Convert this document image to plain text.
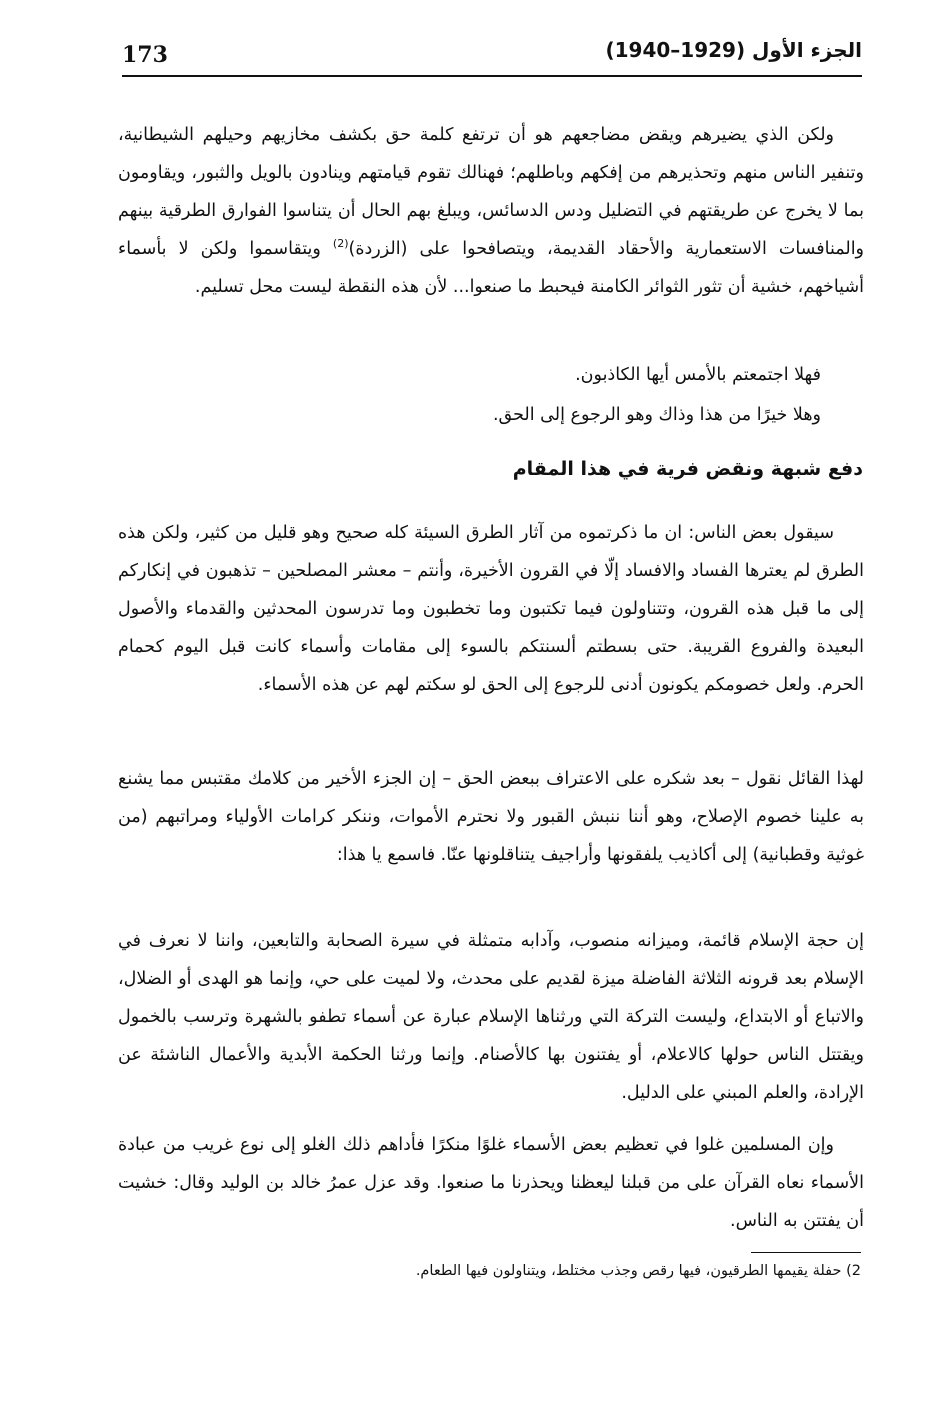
173	الجزء الأول (1929–1940)

ولكن الذي يضيرهم ويقض مضاجعهم هو أن ترتفع كلمة حق بكشف مخازيهم وحيلهم الشيطانية، وتنفير الناس منهم وتحذيرهم من إفكهم وباطلهم؛ فهنالك تقوم قيامتهم وينادون بالويل والثبور، ويقاومون بما لا يخرج عن طريقتهم في التضليل ودس الدسائس، ويبلغ بهم الحال أن يتناسوا الفوارق الطرقية بينهم والمنافسات الاستعمارية والأحقاد القديمة، ويتصافحوا على (الزردة)$^{(2)}$ ويتقاسموا ولكن لا بأسماء أشياخهم، خشية أن تثور الثوائر الكامنة فيحبط ما صنعوا... لأن هذه النقطة ليست محل تسليم.

فهلا اجتمعتم بالأمس أيها الكاذبون.

وهلا خيرًا من هذا وذاك وهو الرجوع إلى الحق.

دفع شبهة ونقض فرية في هذا المقام

سيقول بعض الناس: ان ما ذكرتموه من آثار الطرق السيئة كله صحيح وهو قليل من كثير، ولكن هذه الطرق لم يعترها الفساد والافساد إلّا في القرون الأخيرة، وأنتم – معشر المصلحين – تذهبون في إنكاركم إلى ما قبل هذه القرون، وتتناولون فيما تكتبون وما تخطبون وما تدرسون المحدثين والقدماء والأصول البعيدة والفروع القريبة. حتى بسطتم ألسنتكم بالسوء إلى مقامات وأسماء كانت قبل اليوم كحمام الحرم. ولعل خصومكم يكونون أدنى للرجوع إلى الحق لو سكتم لهم عن هذه الأسماء.

لهذا القائل نقول – بعد شكره على الاعتراف ببعض الحق – إن الجزء الأخير من كلامك مقتبس مما يشنع به علينا خصوم الإصلاح، وهو أننا ننبش القبور ولا نحترم الأموات، وننكر كرامات الأولياء ومراتبهم (من غوثية وقطبانية) إلى أكاذيب يلفقونها وأراجيف يتناقلونها عنّا. فاسمع يا هذا:

إن حجة الإسلام قائمة، وميزانه منصوب، وآدابه متمثلة في سيرة الصحابة والتابعين، واننا لا نعرف في الإسلام بعد قرونه الثلاثة الفاضلة ميزة لقديم على محدث، ولا لميت على حي، وإنما هو الهدى أو الضلال، والاتباع أو الابتداع، وليست التركة التي ورثناها الإسلام عبارة عن أسماء تطفو بالشهرة وترسب بالخمول ويقتتل الناس حولها كالاعلام، أو يفتنون بها كالأصنام. وإنما ورثنا الحكمة الأبدية والأعمال الناشئة عن الإرادة، والعلم المبني على الدليل.

وإن المسلمين غلوا في تعظيم بعض الأسماء غلوًا منكرًا فأداهم ذلك الغلو إلى نوع غريب من عبادة الأسماء نعاه القرآن على من قبلنا ليعظنا ويحذرنا ما صنعوا. وقد عزل عمرُ خالد بن الوليد وقال: خشيت أن يفتتن به الناس.

2) حفلة يقيمها الطرقيون، فيها رقص وجذب مختلط، ويتناولون فيها الطعام.
